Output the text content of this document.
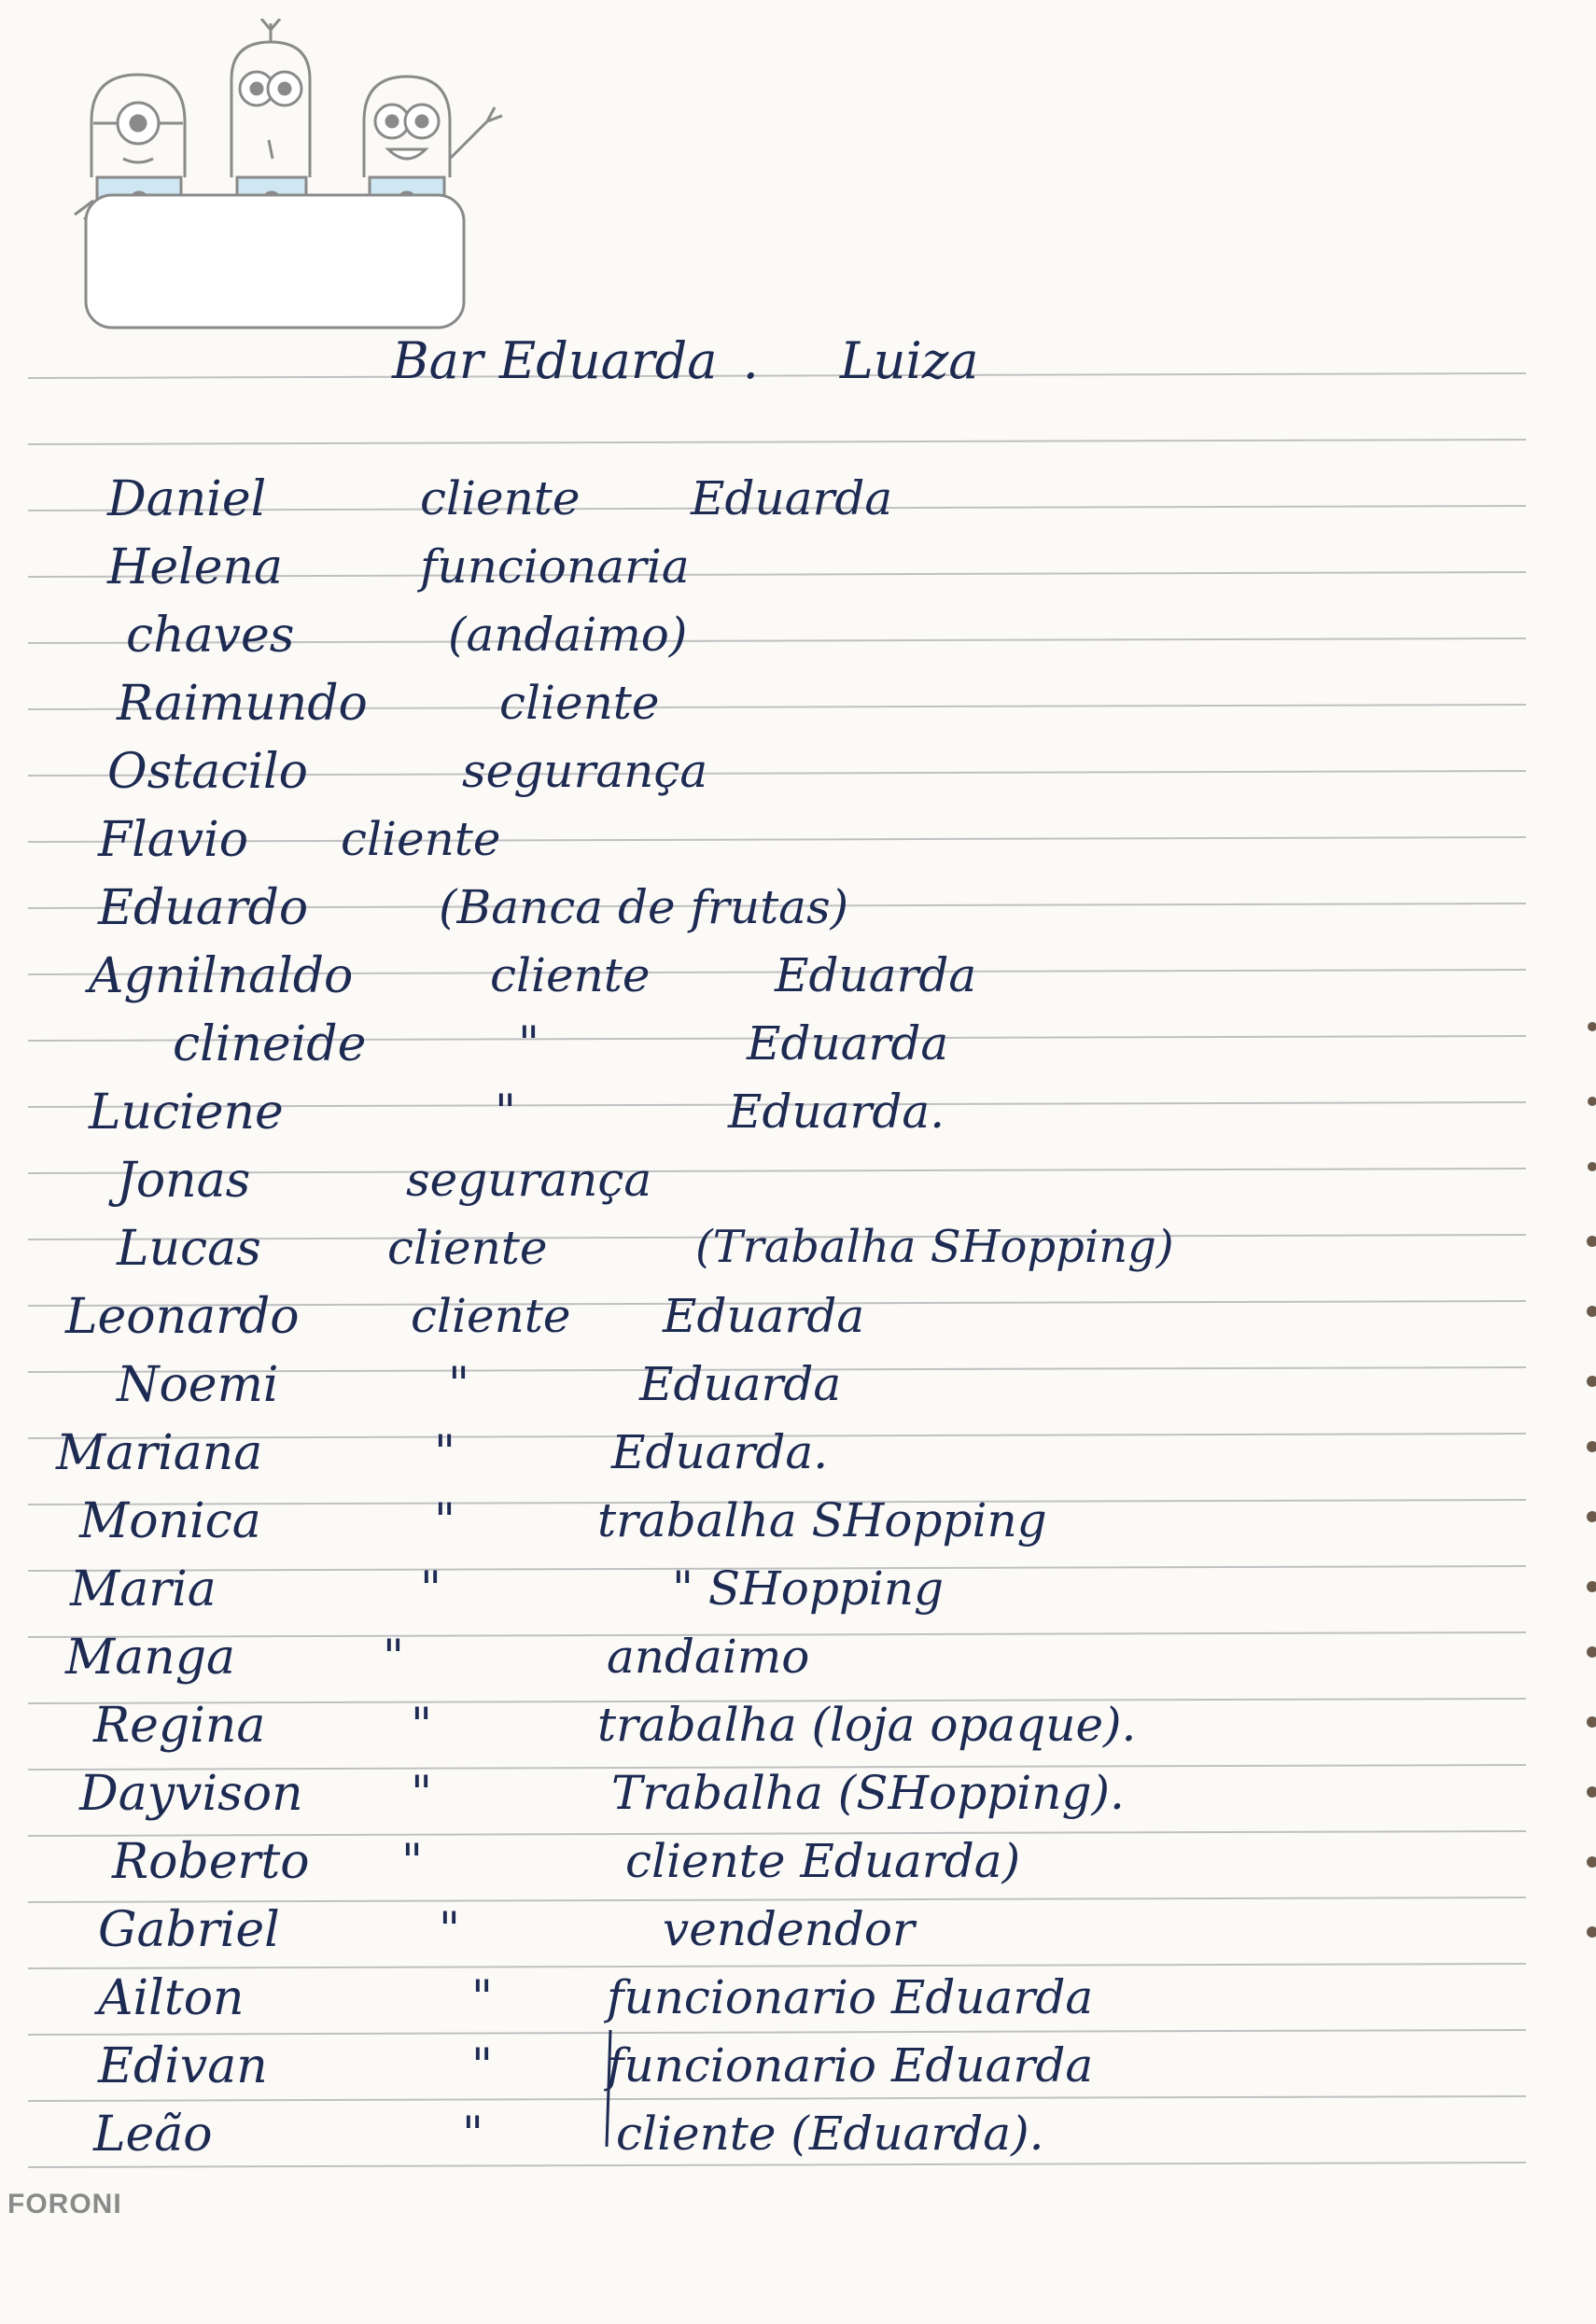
Bar Eduarda . Luiza
Daniel	cliente Eduarda
Helena	funcionaria
chaves	(andaimo)
Raimundo	cliente
Ostacilo	segurança
Flavio cliente
Eduardo	(Banca de frutas)
Agnilnaldo	cliente	Eduarda
clineide	"	Eduarda
Luciene	"	Eduarda.
Jonas	segurança
Lucas	cliente	(Trabalha SHopping)
Leonardo cliente Eduarda
Noemi	"	Eduarda
Mariana	"	Eduarda.
Monica	"	trabalha SHopping
Maria	"	" SHopping
Manga	"	andaimo
Regina	"	trabalha (loja opaque).
Dayvison "	Trabalha (SHopping).
Roberto "	cliente Eduarda)
Gabriel	"	vendendor
Ailton	" funcionario Eduarda
Edivan	" funcionario Eduarda
Leão	"	cliente (Eduarda).
FORONI
